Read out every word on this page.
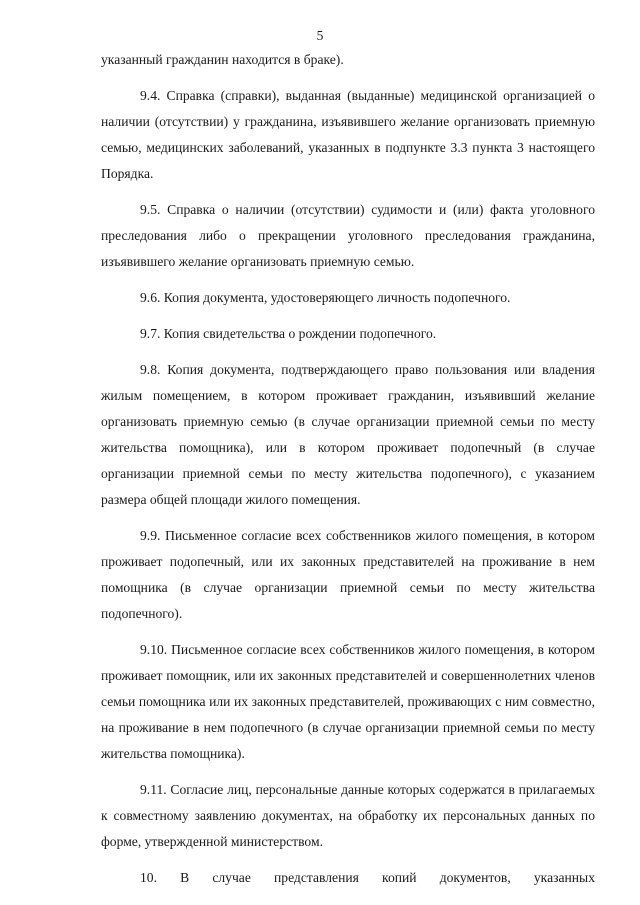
5

указанный гражданин находится в браке).

9.4. Справка (справки), выданная (выданные) медицинской организацией о наличии (отсутствии) у гражданина, изъявившего желание организовать приемную семью, медицинских заболеваний, указанных в подпункте 3.3 пункта 3 настоящего Порядка.

9.5. Справка о наличии (отсутствии) судимости и (или) факта уголовного преследования либо о прекращении уголовного преследования гражданина, изъявившего желание организовать приемную семью.

9.6. Копия документа, удостоверяющего личность подопечного.

9.7. Копия свидетельства о рождении подопечного.

9.8. Копия документа, подтверждающего право пользования или владения жилым помещением, в котором проживает гражданин, изъявивший желание организовать приемную семью (в случае организации приемной семьи по месту жительства помощника), или в котором проживает подопечный (в случае организации приемной семьи по месту жительства подопечного), с указанием размера общей площади жилого помещения.

9.9. Письменное согласие всех собственников жилого помещения, в котором проживает подопечный, или их законных представителей на проживание в нем помощника (в случае организации приемной семьи по месту жительства подопечного).

9.10. Письменное согласие всех собственников жилого помещения, в котором проживает помощник, или их законных представителей и совершеннолетних членов семьи помощника или их законных представителей, проживающих с ним совместно, на проживание в нем подопечного (в случае организации приемной семьи по месту жительства помощника).

9.11. Согласие лиц, персональные данные которых содержатся в прилагаемых к совместному заявлению документах, на обработку их персональных данных по форме, утвержденной министерством.

10. В случае представления копий документов, указанных
